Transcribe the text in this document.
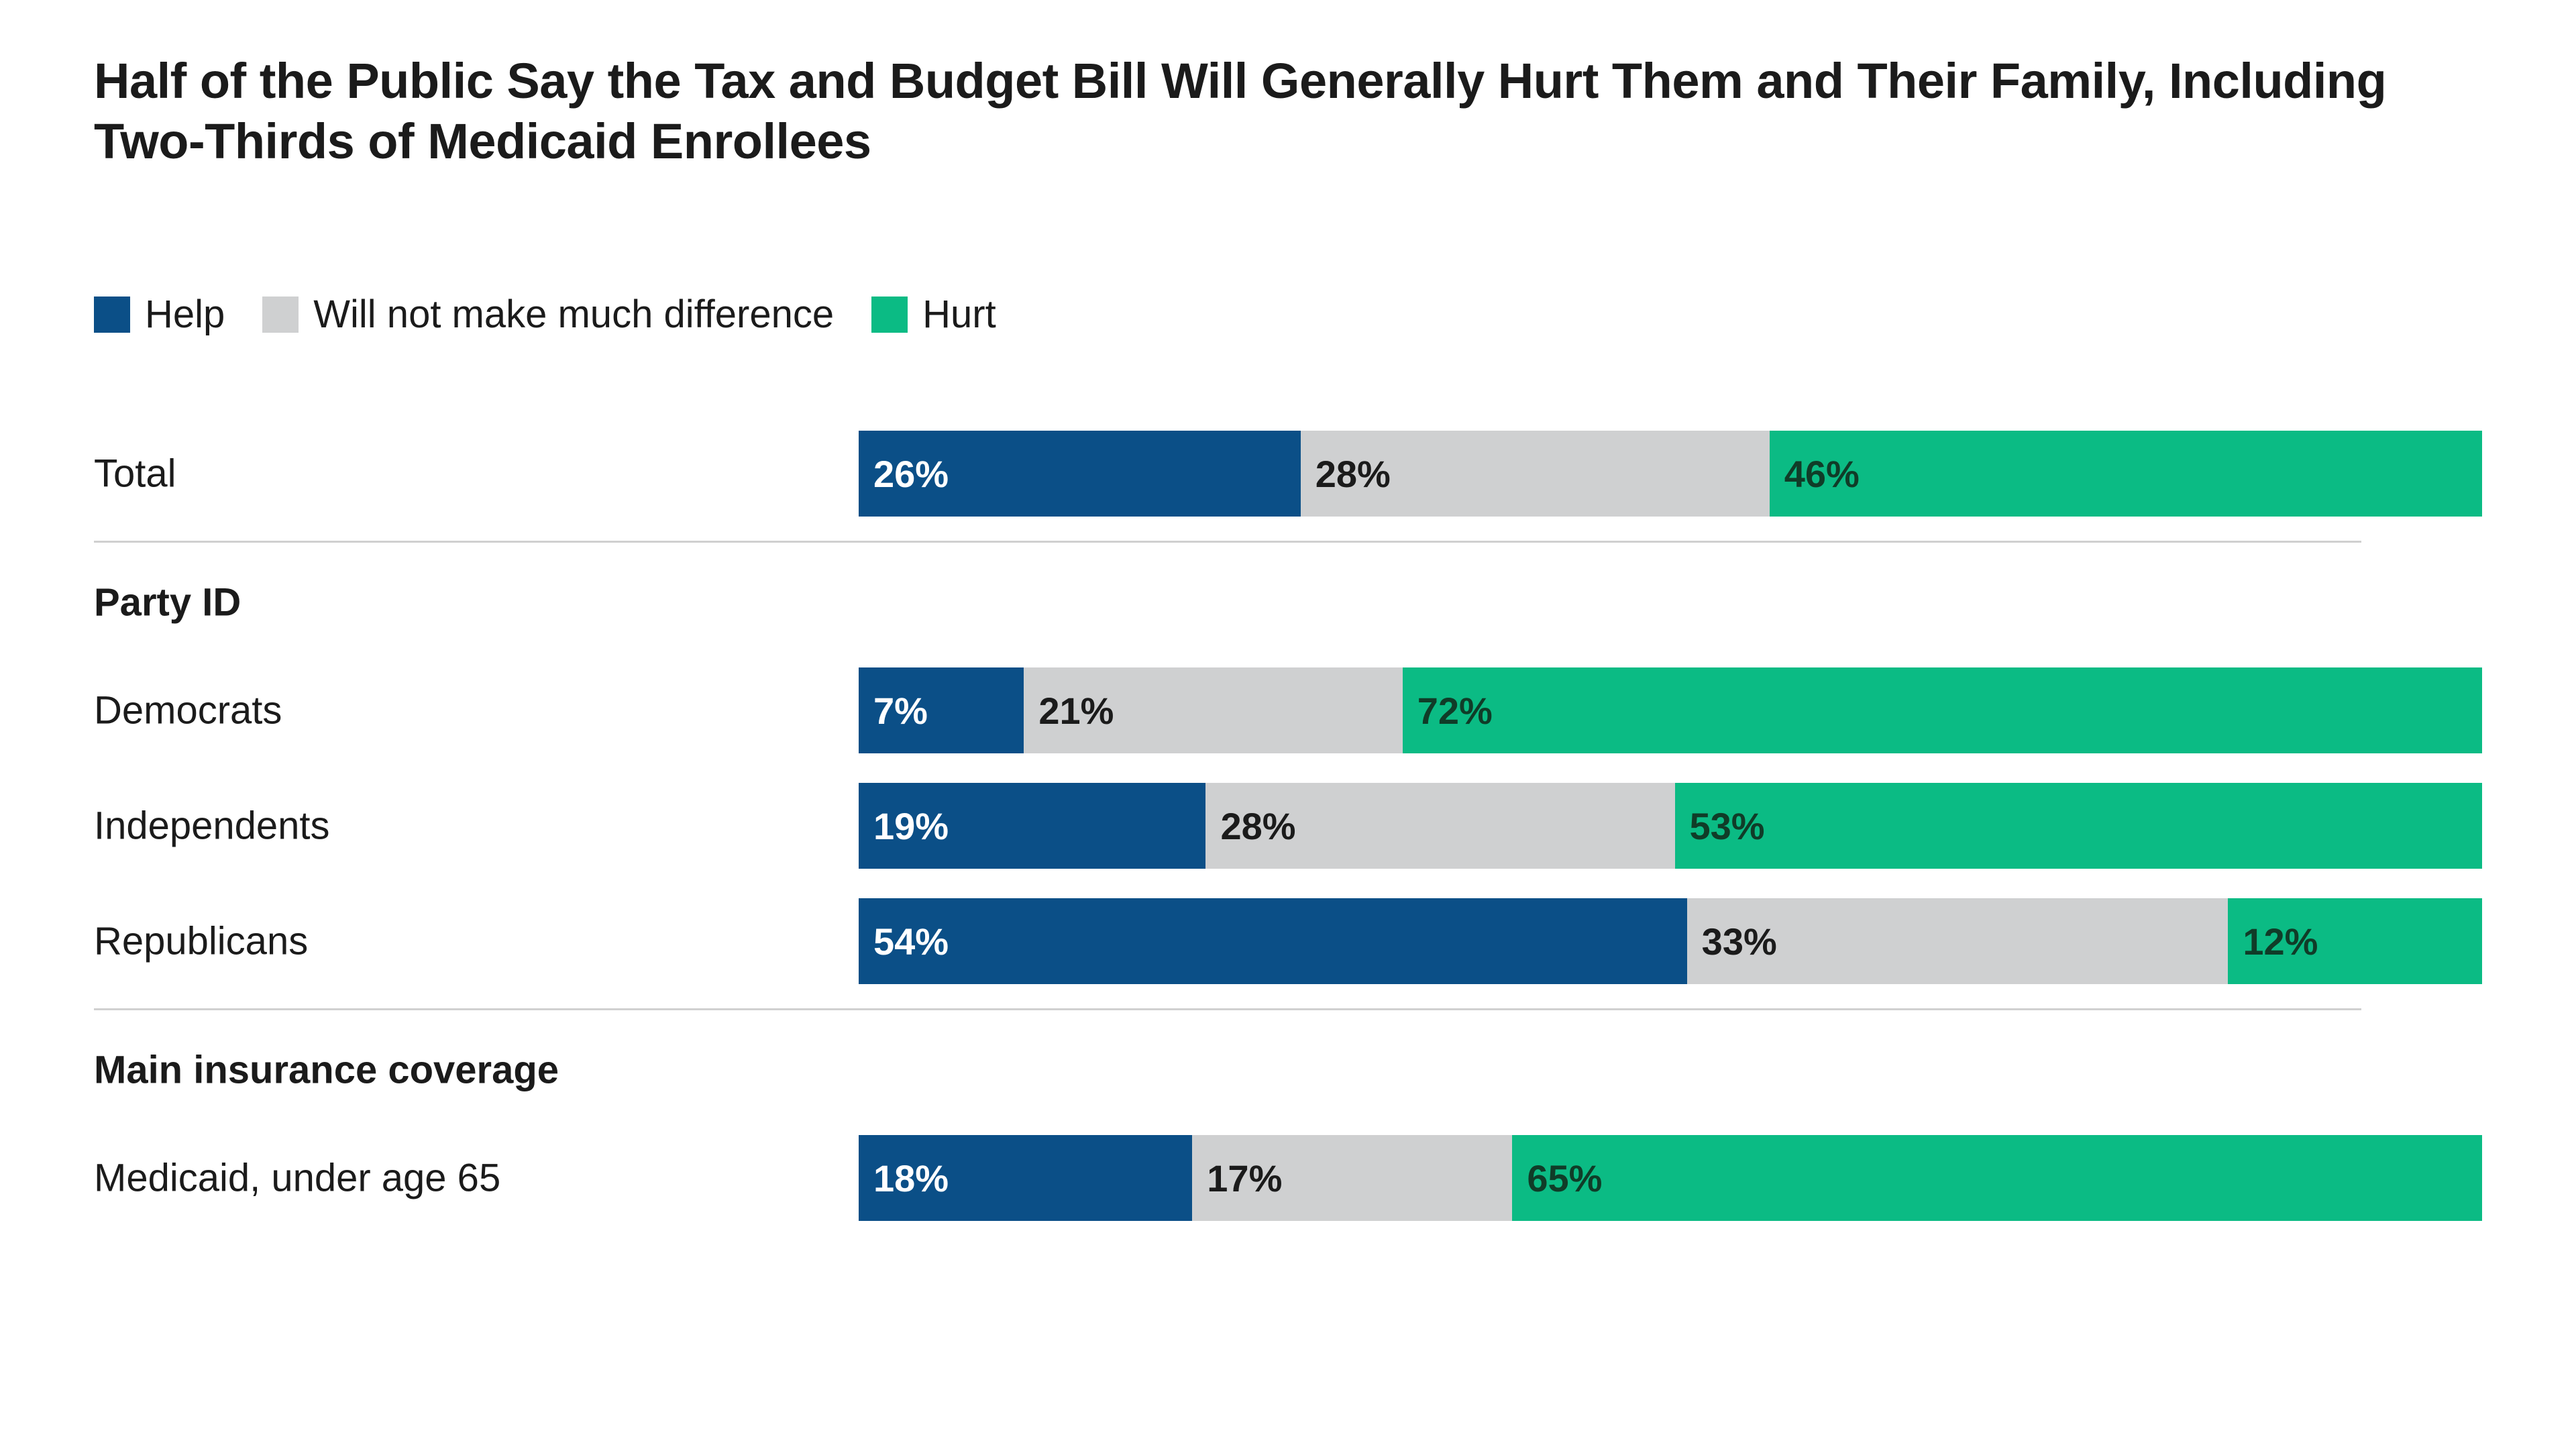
Half of the Public Say the Tax and Budget Bill Will Generally Hurt Them and Their Family, Including Two-Thirds of Medicaid Enrollees
Help Will not make much difference Hurt
Total	26%	28%	46%
Party ID
Democrats	7%	21%	72%
Independents	19%	28%	53%
Republicans	54%	33%	12%
Main insurance coverage
Medicaid, under age 65	18%	17%	65%
